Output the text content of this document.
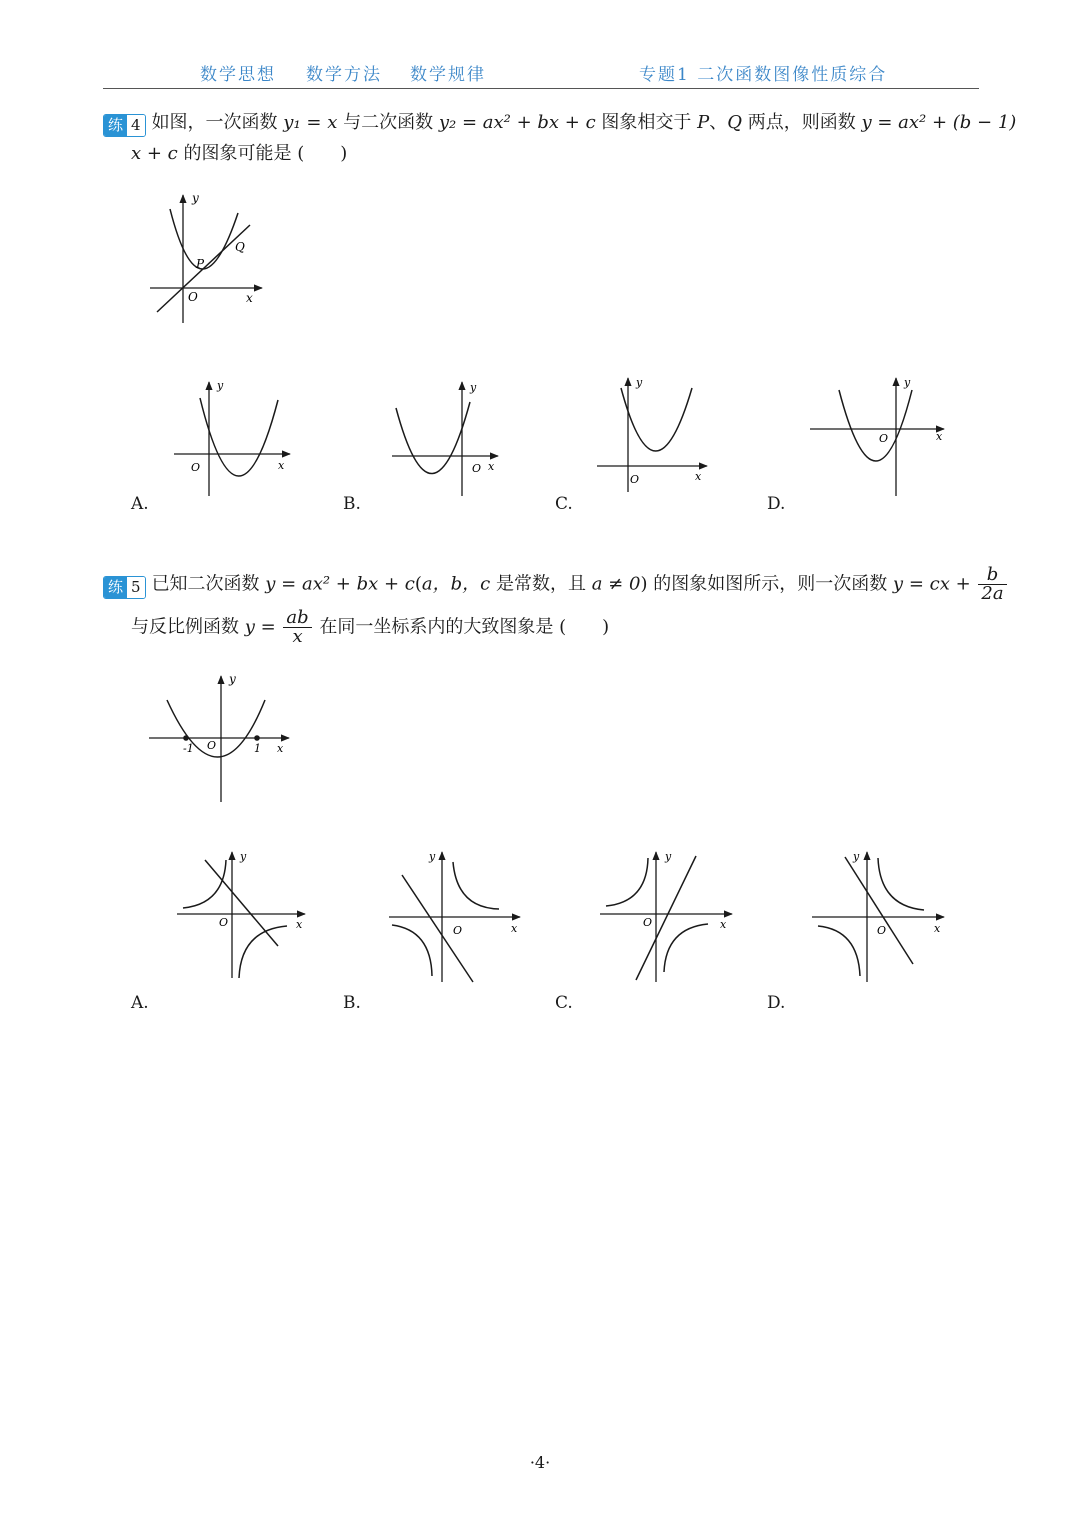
数学思想 数学方法 数学规律	专题1 二次函数图像性质综合
练 4 如图，一次函数 y₁ = x 与二次函数 y₂ = ax² + bx + c 图象相交于 P、Q 两点，则函数 y = ax² + (b − 1)
x + c 的图象可能是 (　　)
y
x
O
P
Q
y
x
O
A.
y
x
O
B.
y
x
O
C.
y
x
O
D.
练 5 已知二次函数 y = ax² + bx + c(a，b，c 是常数，且 a ≠ 0) 的图象如图所示，则一次函数 y = cx + $\frac{b}{2a}$
与反比例函数 $y = \frac{ab}{x}$ 在同一坐标系内的大致图象是 (　　)
y
x
O
-1	1
y
x
O
A.
y
x
O
B.
y
x
O
C.
y
x
O
D.
·4·
